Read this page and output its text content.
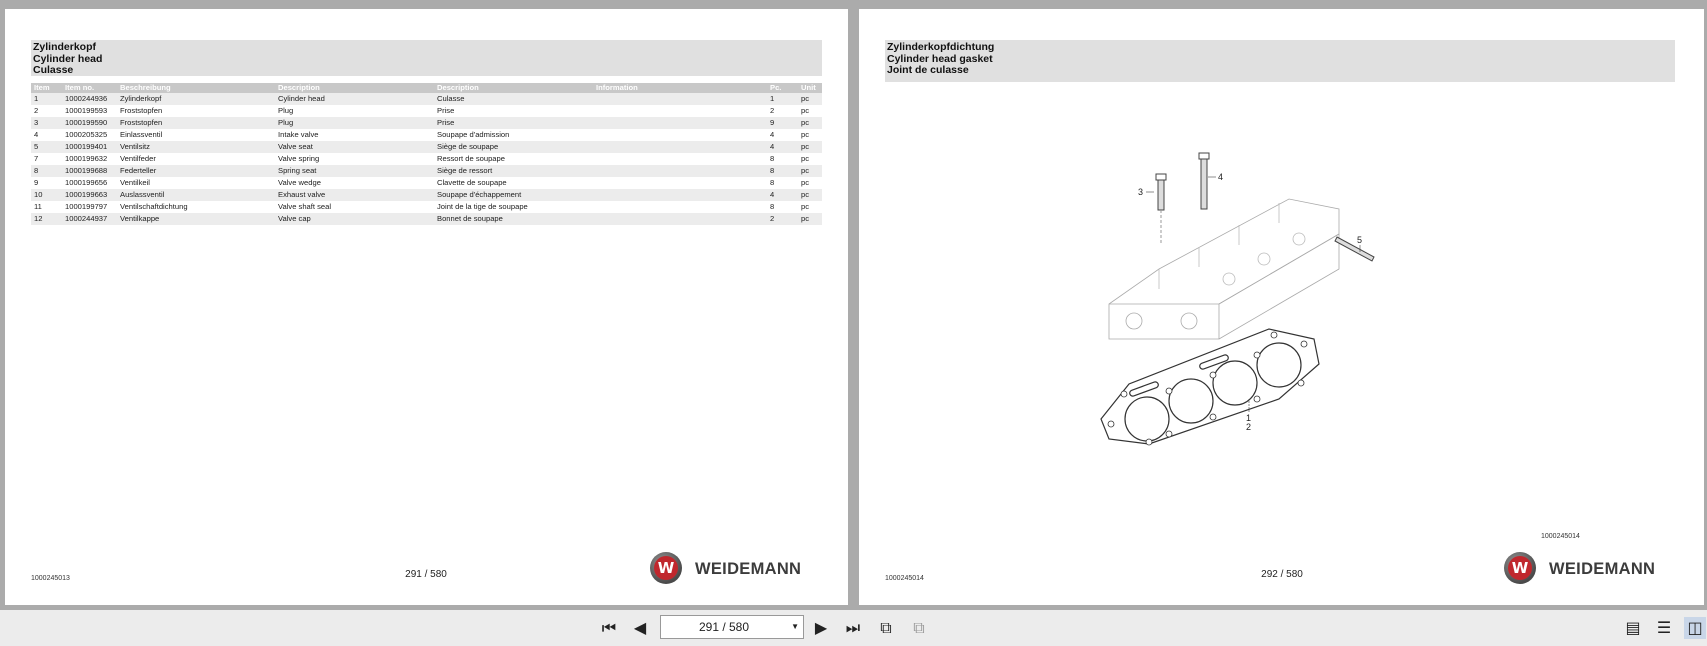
Zylinderkopf
Cylinder head
Culasse
Item	Item no.	Beschreibung	Description	Description	Information	Pc.	Unit
1	1000244936	Zylinderkopf	Cylinder head	Culasse		1	pc
2	1000199593	Froststopfen	Plug	Prise		2	pc
3	1000199590	Froststopfen	Plug	Prise		9	pc
4	1000205325	Einlassventil	Intake valve	Soupape d'admission		4	pc
5	1000199401	Ventilsitz	Valve seat	Siège de soupape		4	pc
7	1000199632	Ventilfeder	Valve spring	Ressort de soupape		8	pc
8	1000199688	Federteller	Spring seat	Siège de ressort		8	pc
9	1000199656	Ventilkeil	Valve wedge	Clavette de soupape		8	pc
10	1000199663	Auslassventil	Exhaust valve	Soupape d'échappement		4	pc
11	1000199797	Ventilschaftdichtung	Valve shaft seal	Joint de la tige de soupape		8	pc
12	1000244937	Ventilkappe	Valve cap	Bonnet de soupape		2	pc
1000245013	291 / 580	W WEIDEMANN
Zylinderkopfdichtung
Cylinder head gasket
Joint de culasse
3
4
5
1
2
1000245014
1000245014	292 / 580	W WEIDEMANN
⏮	◀	291 / 580	▼ ▶	⏭	⧉	⧉	▤ ☰ ◫
